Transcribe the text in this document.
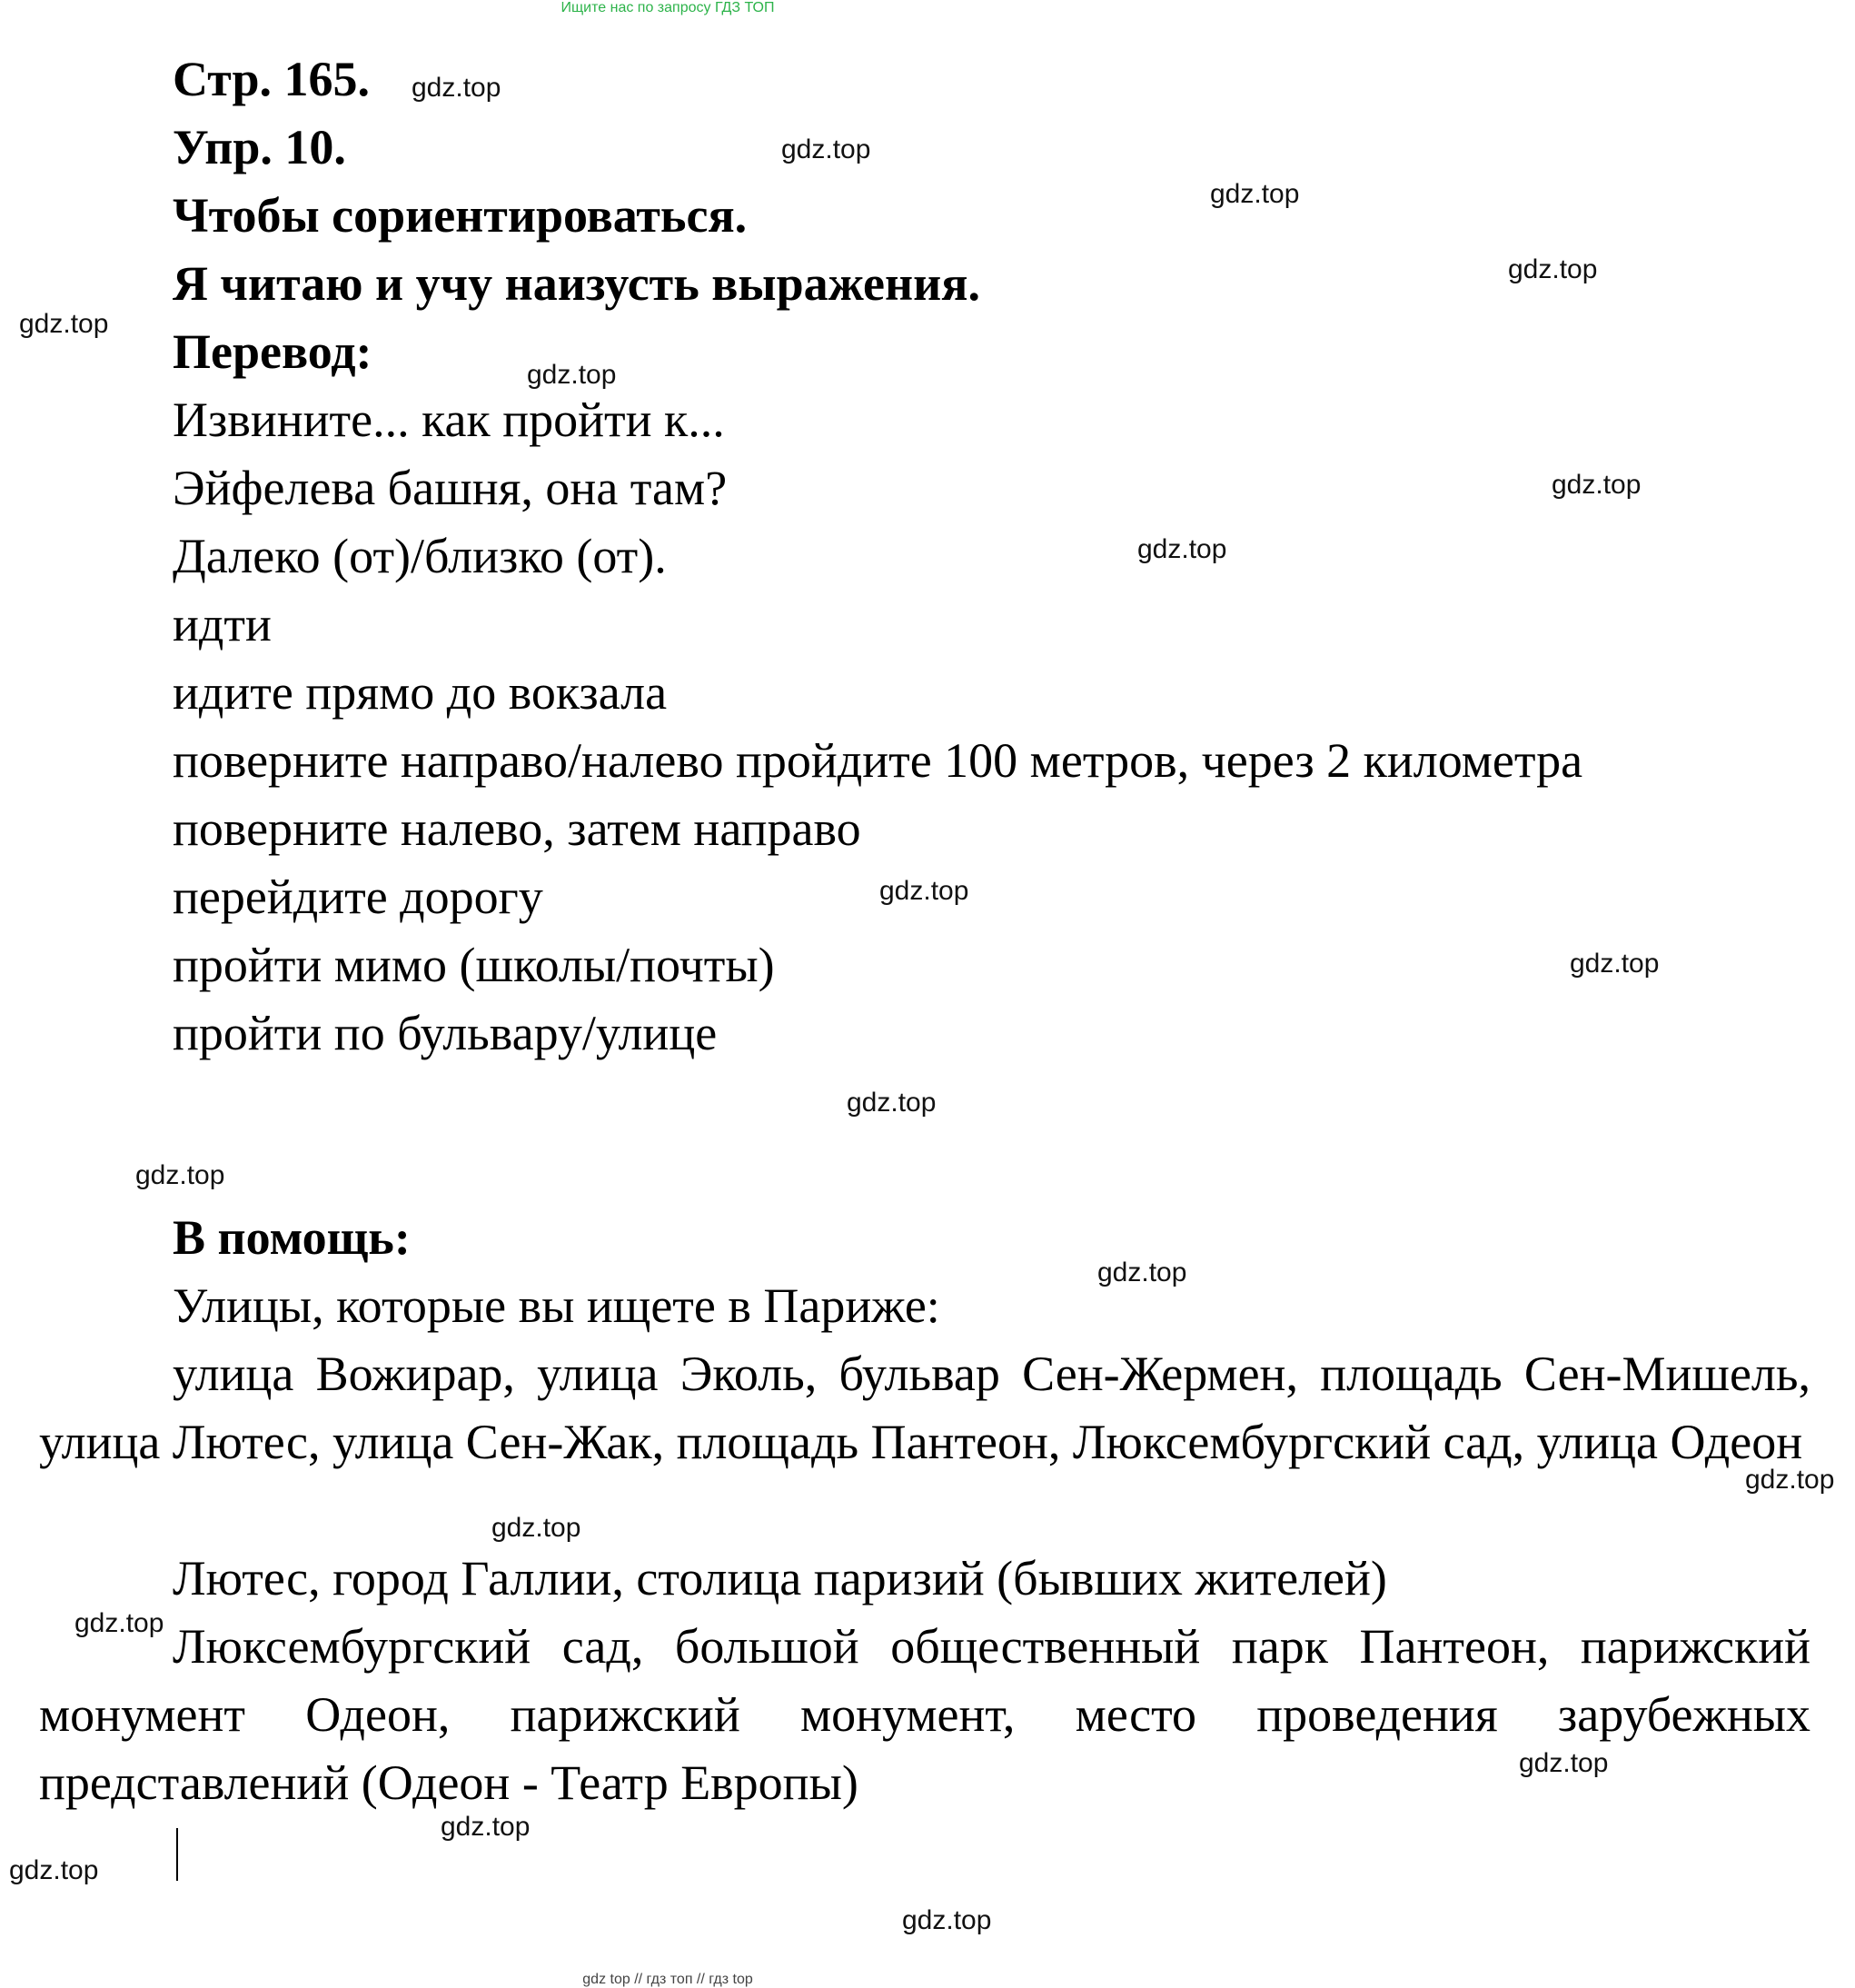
Ищите нас по запросу ГДЗ ТОП
Стр. 165.
Упр. 10.
Чтобы сориентироваться.
Я читаю и учу наизусть выражения.
Перевод:
Извините... как пройти к...
Эйфелева башня, она там?
Далеко (от)/близко (от).
идти
идите прямо до вокзала
поверните направо/налево пройдите 100 метров, через 2 километра
поверните налево, затем направо
перейдите дорогу
пройти мимо (школы/почты)
пройти по бульвару/улице
В помощь:
Улицы, которые вы ищете в Париже:
улица Вожирар, улица Эколь, бульвар Сен-Жермен, площадь Сен-Мишель, улица Лютес, улица Сен-Жак, площадь Пантеон, Люксембургский сад, улица Одеон
Лютес, город Галлии, столица паризий (бывших жителей)
Люксембургский сад, большой общественный парк Пантеон, парижский монумент Одеон, парижский монумент, место проведения зарубежных представлений (Одеон - Театр Европы)
gdz.top
gdz.top
gdz.top
gdz.top
gdz.top
gdz.top
gdz.top
gdz.top
gdz.top
gdz.top
gdz.top
gdz.top
gdz.top
gdz.top
gdz.top
gdz.top
gdz.top
gdz.top
gdz.top
gdz.top
gdz top // гдз топ // гдз top
